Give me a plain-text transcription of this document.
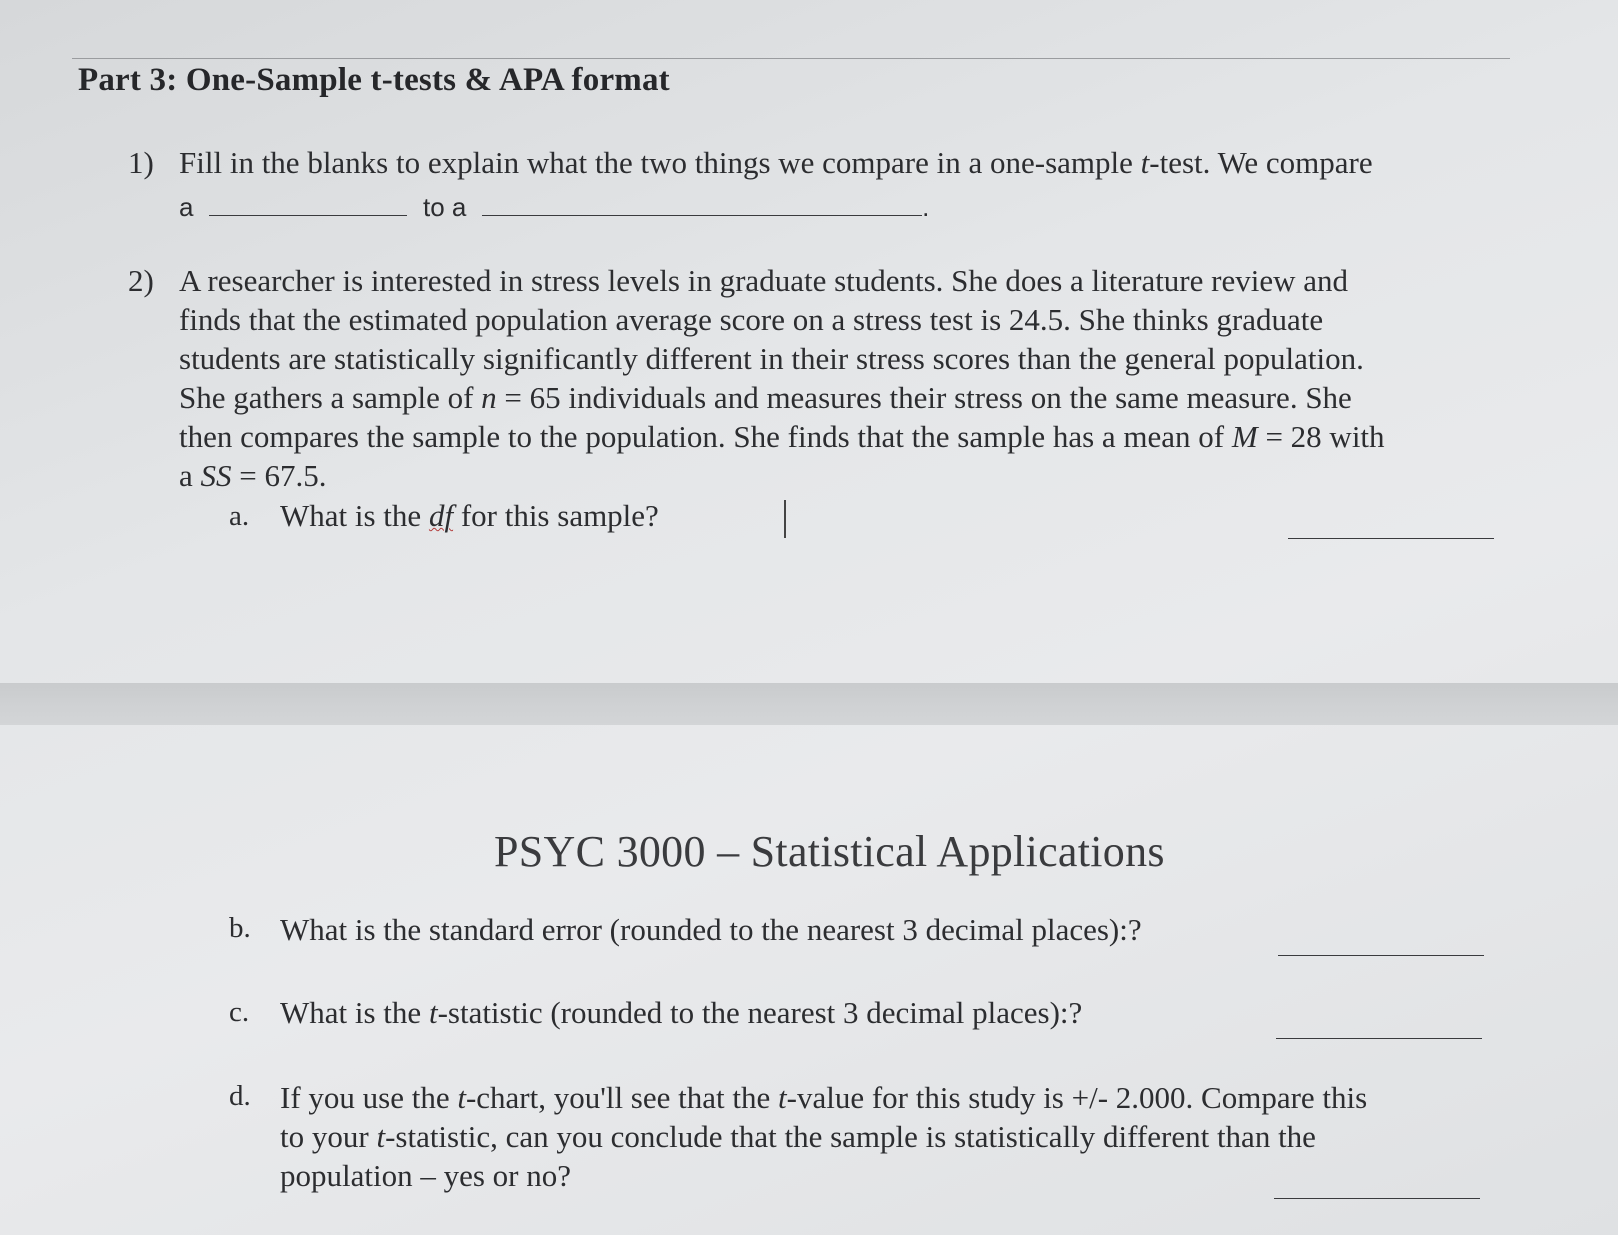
Part 3: One-Sample t-tests & APA format
1) Fill in the blanks to explain what the two things we compare in a one-sample t-test. We compare
a	to a	.
2) A researcher is interested in stress levels in graduate students. She does a literature review and
finds that the estimated population average score on a stress test is 24.5. She thinks graduate
students are statistically significantly different in their stress scores than the general population.
She gathers a sample of n = 65 individuals and measures their stress on the same measure. She
then compares the sample to the population. She finds that the sample has a mean of M = 28 with
a SS = 67.5.
a. What is the df for this sample?
PSYC 3000 – Statistical Applications
b. What is the standard error (rounded to the nearest 3 decimal places):?
c. What is the t-statistic (rounded to the nearest 3 decimal places):?
d. If you use the t-chart, you'll see that the t-value for this study is +/- 2.000. Compare this
to your t-statistic, can you conclude that the sample is statistically different than the
population – yes or no?
